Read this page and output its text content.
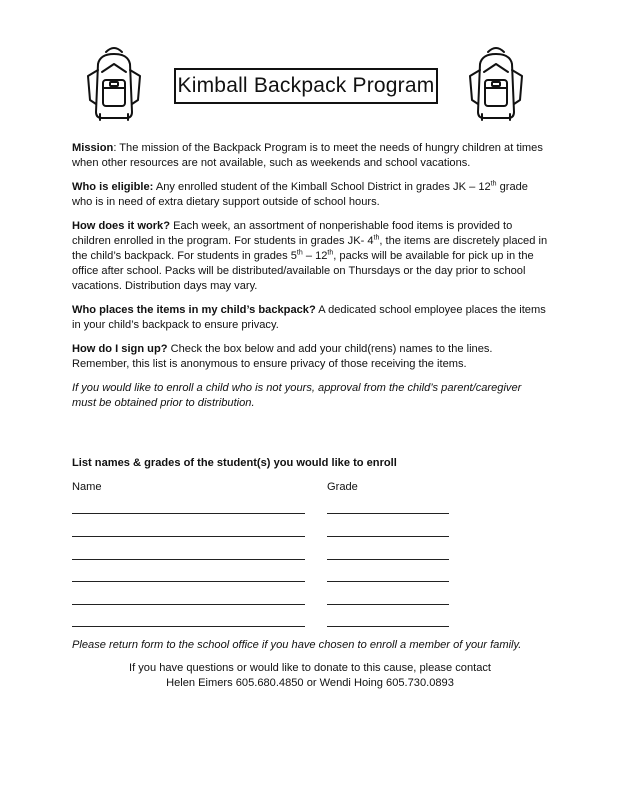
Kimball Backpack Program

Mission: The mission of the Backpack Program is to meet the needs of hungry children at times when other resources are not available, such as weekends and school vacations.

Who is eligible: Any enrolled student of the Kimball School District in grades JK – 12th grade who is in need of extra dietary support outside of school hours.

How does it work? Each week, an assortment of nonperishable food items is provided to children enrolled in the program. For students in grades JK- 4th, the items are discretely placed in the child’s backpack. For students in grades 5th – 12th, packs will be available for pick up in the office after school. Packs will be distributed/available on Thursdays or the day prior to school vacations. Distribution days may vary.

Who places the items in my child’s backpack? A dedicated school employee places the items in your child’s backpack to ensure privacy.

How do I sign up? Check the box below and add your child(rens) names to the lines. Remember, this list is anonymous to ensure privacy of those receiving the items.

If you would like to enroll a child who is not yours, approval from the child’s parent/caregiver must be obtained prior to distribution.

List names & grades of the student(s) you would like to enroll
Name	Grade
Please return form to the school office if you have chosen to enroll a member of your family.
If you have questions or would like to donate to this cause, please contact
Helen Eimers 605.680.4850 or Wendi Hoing 605.730.0893
